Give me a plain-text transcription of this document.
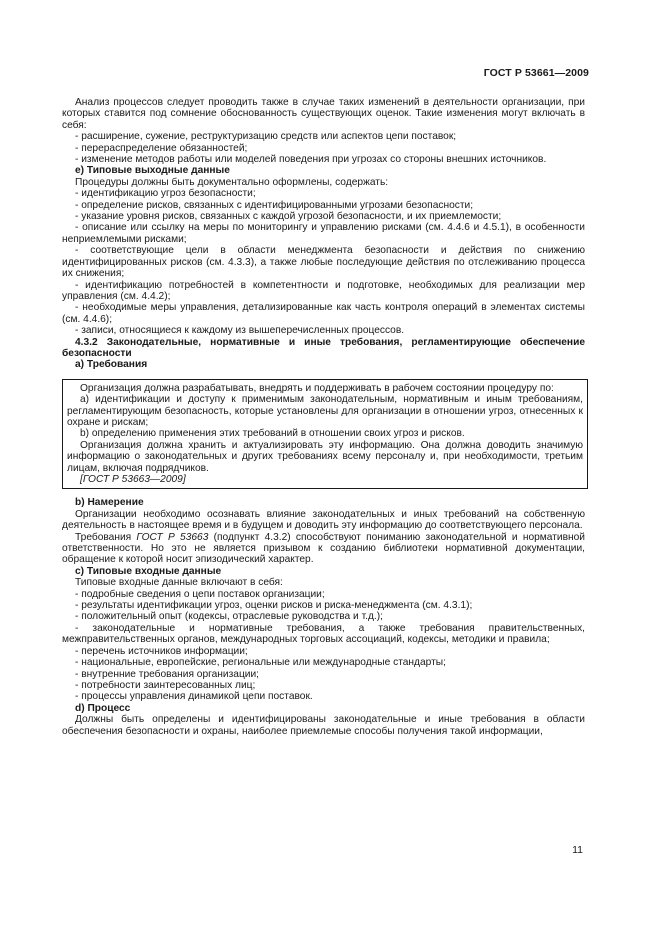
ГОСТ Р 53661—2009

Анализ процессов следует проводить также в случае таких изменений в деятельности организации, при которых ставится под сомнение обоснованность существующих оценок. Такие изменения могут включать в себя:

- расширение, сужение, реструктуризацию средств или аспектов цепи поставок;

- перераспределение обязанностей;

- изменение методов работы или моделей поведения при угрозах со стороны внешних источников.

е) Типовые выходные данные

Процедуры должны быть документально оформлены, содержать:

- идентификацию угроз безопасности;

- определение рисков, связанных с идентифицированными угрозами безопасности;

- указание уровня рисков, связанных с каждой угрозой безопасности, и их приемлемости;

- описание или ссылку на меры по мониторингу и управлению рисками (см. 4.4.6 и 4.5.1), в особенности неприемлемыми рисками;

- соответствующие цели в области менеджмента безопасности и действия по снижению идентифицированных рисков (см. 4.3.3), а также любые последующие действия по отслеживанию процесса их снижения;

- идентификацию потребностей в компетентности и подготовке, необходимых для реализации мер управления (см. 4.4.2);

- необходимые меры управления, детализированные как часть контроля операций в элементах системы (см. 4.4.6);

- записи, относящиеся к каждому из вышеперечисленных процессов.

4.3.2 Законодательные, нормативные и иные требования, регламентирующие обеспечение безопасности

а) Требования

Организация должна разрабатывать, внедрять и поддерживать в рабочем состоянии процедуру по:

а) идентификации и доступу к применимым законодательным, нормативным и иным требованиям, регламентирующим безопасность, которые установлены для организации в отношении угроз, отнесенных к охране и рискам;

b) определению применения этих требований в отношении своих угроз и рисков.

Организация должна хранить и актуализировать эту информацию. Она должна доводить значимую информацию о законодательных и других требованиях всему персоналу и, при необходимости, третьим лицам, включая подрядчиков.

[ГОСТ Р 53663—2009]

b) Намерение

Организации необходимо осознавать влияние законодательных и иных требований на собственную деятельность в настоящее время и в будущем и доводить эту информацию до соответствующего персонала.

Требования ГОСТ Р 53663 (подпункт 4.3.2) способствуют пониманию законодательной и нормативной ответственности. Но это не является призывом к созданию библиотеки нормативной документации, обращение к которой носит эпизодический характер.

c) Типовые входные данные

Типовые входные данные включают в себя:

- подробные сведения о цепи поставок организации;

- результаты идентификации угроз, оценки рисков и риска-менеджмента (см. 4.3.1);

- положительный опыт (кодексы, отраслевые руководства и т.д.);

- законодательные и нормативные требования, а также требования правительственных, межправительственных органов, международных торговых ассоциаций, кодексы, методики и правила;

- перечень источников информации;

- национальные, европейские, региональные или международные стандарты;

- внутренние требования организации;

- потребности заинтересованных лиц;

- процессы управления динамикой цепи поставок.

d) Процесс

Должны быть определены и идентифицированы законодательные и иные требования в области обеспечения безопасности и охраны, наиболее приемлемые способы получения такой информации,

11
